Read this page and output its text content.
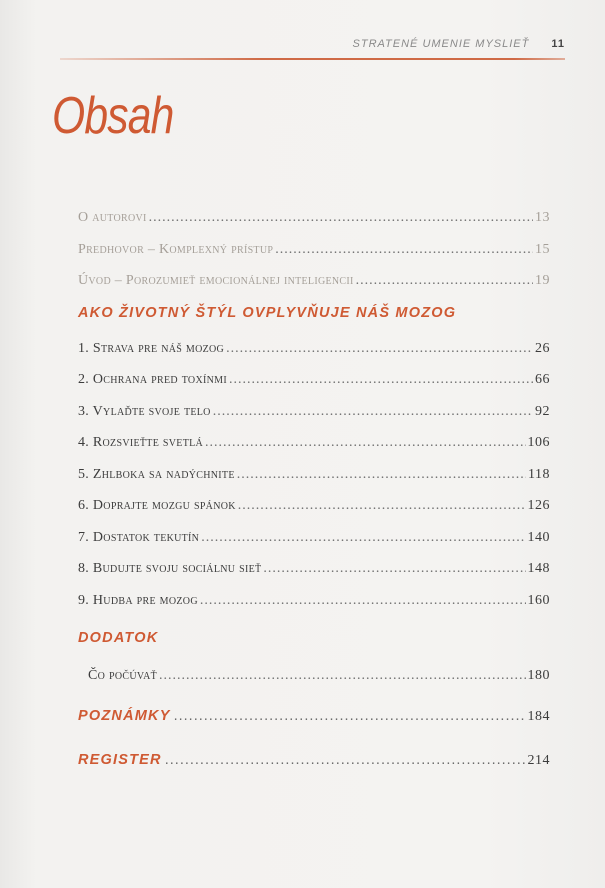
STRATENÉ UMENIE MYSLIEŤ 11
Obsah
O autorovi .....	13
Predhovor – Komplexný prístup .....	15
Úvod – Porozumieť emocionálnej inteligencii .....	19
AKO ŽIVOTNÝ ŠTÝL OVPLYVŇUJE NÁŠ MOZOG
1. Strava pre náš mozog .....	26
2. Ochrana pred toxínmi .....	66
3. Vylaďte svoje telo .....	92
4. Rozsvieťte svetlá .....	106
5. Zhlboka sa nadýchnite .....	118
6. Doprajte mozgu spánok .....	126
7. Dostatok tekutín .....	140
8. Budujte svoju sociálnu sieť .....	148
9. Hudba pre mozog .....	160
DODATOK
Čo počúvať .....	180
POZNÁMKY .....	184
REGISTER .....	214
